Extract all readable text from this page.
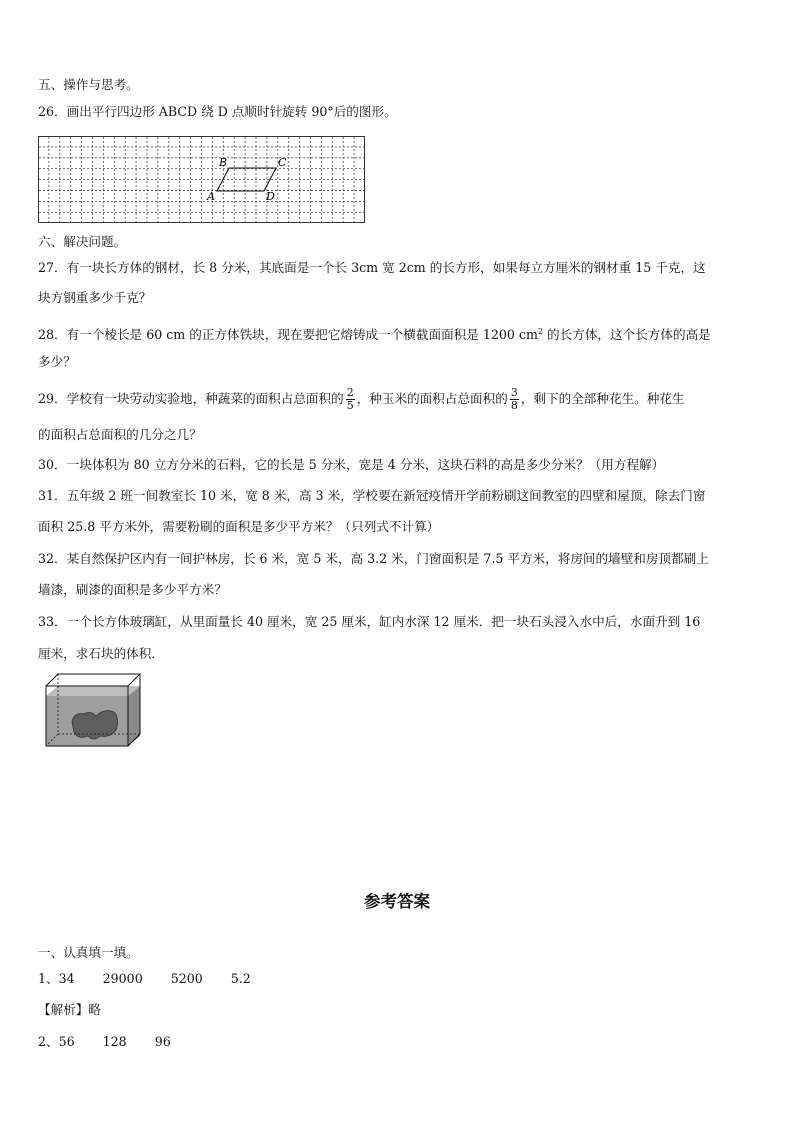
五、操作与思考。
26．画出平行四边形 ABCD 绕 D 点顺时针旋转 90°后的图形。
A
B	C
D
六、解决问题。
27．有一块长方体的钢材，长 8 分米，其底面是一个长 3cm 宽 2cm 的长方形，如果每立方厘米的钢材重 15 千克，这
块方钢重多少千克？
28．有一个棱长是 60 cm 的正方体铁块，现在要把它熔铸成一个横截面面积是 1200 $cm^2$ 的长方体，这个长方体的高是
多少？
29．学校有一块劳动实验地，种蔬菜的面积占总面积的 $\frac{2}{5}$ ，种玉米的面积占总面积的 $\frac{3}{8}$ ，剩下的全部种花生。种花生
的面积占总面积的几分之几？
30．一块体积为 80 立方分米的石料，它的长是 5 分米，宽是 4 分米，这块石料的高是多少分米？（用方程解）
31．五年级 2 班一间教室长 10 米，宽 8 米，高 3 米，学校要在新冠疫情开学前粉刷这间教室的四壁和屋顶，除去门窗
面积 25.8 平方米外，需要粉刷的面积是多少平方米？（只列式不计算）
32．某自然保护区内有一间护林房，长 6 米，宽 5 米，高 3.2 米，门窗面积是 7.5 平方米，将房间的墙壁和房顶都刷上
墙漆，刷漆的面积是多少平方米？
33．一个长方体玻璃缸，从里面量长 40 厘米，宽 25 厘米，缸内水深 12 厘米．把一块石头浸入水中后，水面升到 16
厘米，求石块的体积．
参考答案
一、认真填一填。
1、34 29000 5200 5.2
【解析】略
2、56 128 96
